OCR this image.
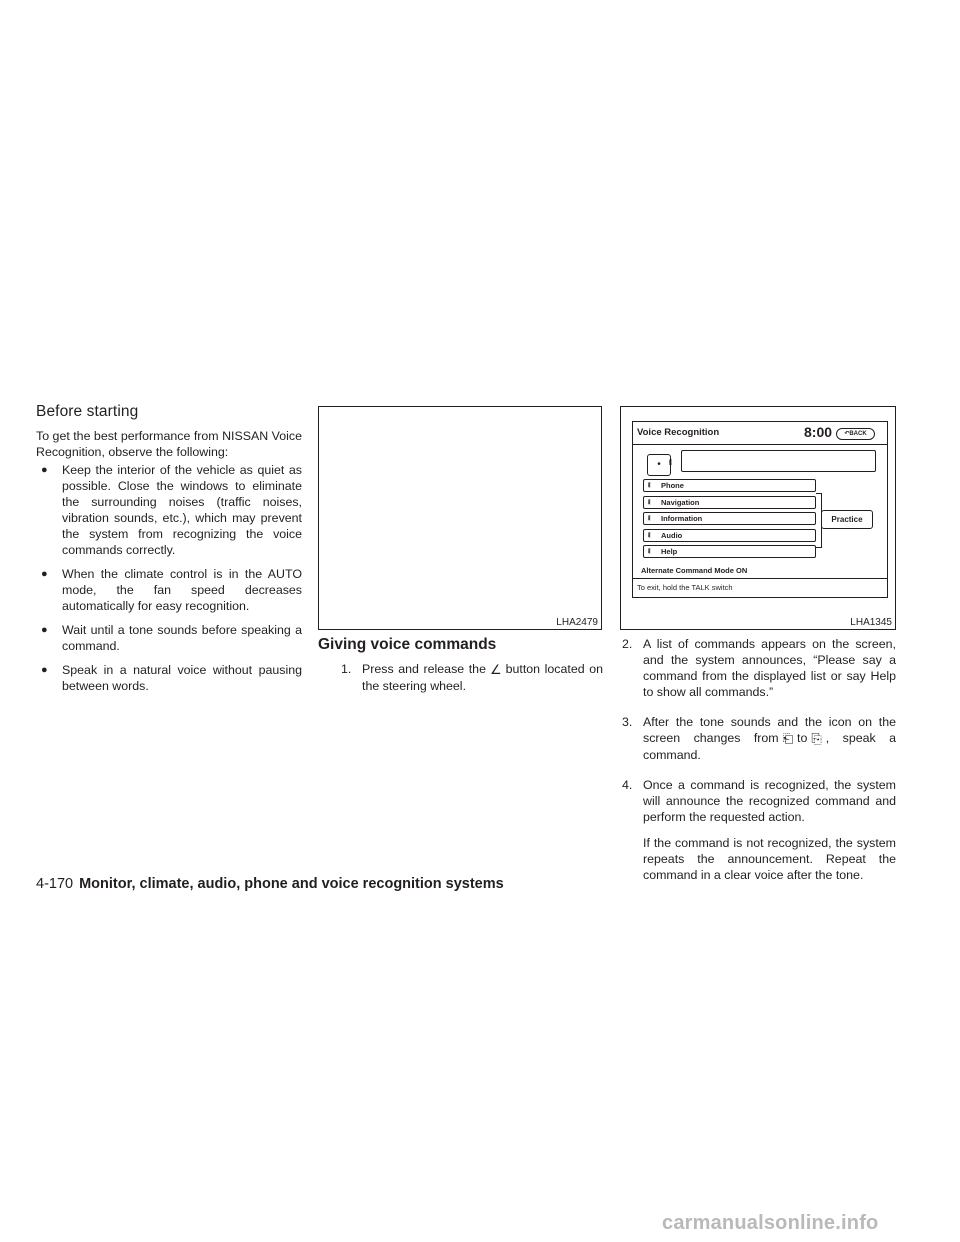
Before starting

To get the best performance from NISSAN Voice Recognition, observe the following:

● Keep the interior of the vehicle as quiet as possible. Close the windows to eliminate the surrounding noises (traffic noises, vibration sounds, etc.), which may prevent the system from recognizing the voice commands correctly.
● When the climate control is in the AUTO mode, the fan speed decreases automatically for easy recognition.
● Wait until a tone sounds before speaking a command.
● Speak in a natural voice without pausing between words.
LHA2479
Voice Recognition	8:00	↶BACK
•	⧛
⧛ Phone
⧛ Navigation
⧛ Information
⧛ Audio
⧛ Help
Practice
Alternate Command Mode ON
To exit, hold the TALK switch
LHA1345
Giving voice commands
1. Press and release the ∠ button located on the steering wheel.
2. A list of commands appears on the screen, and the system announces, “Please say a command from the displayed list or say Help to show all commands.”
3. After the tone sounds and the icon on the screen changes from ⎗ to ⎘ , speak a command.
4. Once a command is recognized, the system will announce the recognized command and perform the requested action.
If the command is not recognized, the system repeats the announcement. Repeat the command in a clear voice after the tone.
4-170 Monitor, climate, audio, phone and voice recognition systems
carmanualsonline.info
